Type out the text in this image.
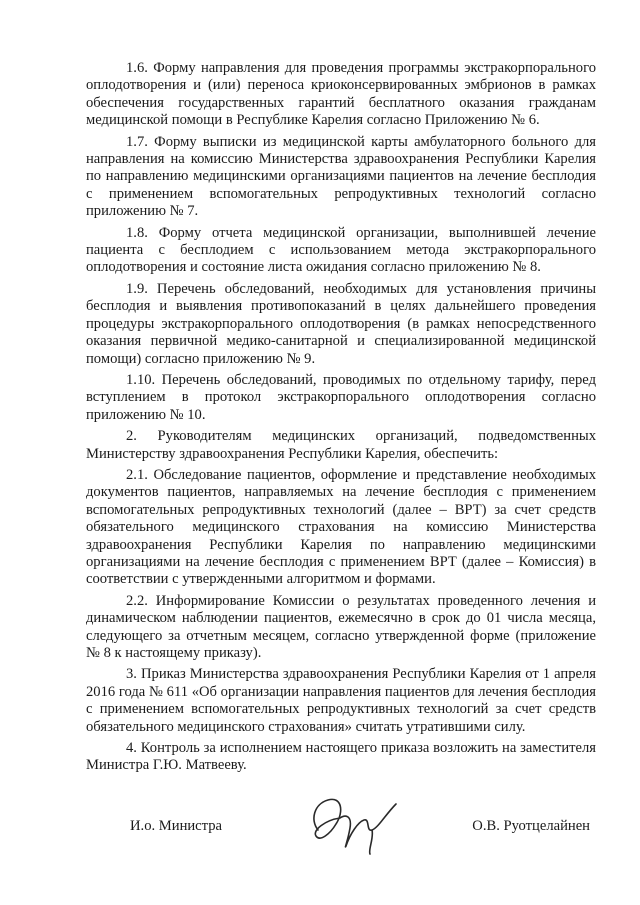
1.6. Форму направления для проведения программы экстракорпорального оплодотворения и (или) переноса криоконсервированных эмбрионов в рамках обеспечения государственных гарантий бесплатного оказания гражданам медицинской помощи в Республике Карелия согласно Приложению № 6.

1.7. Форму выписки из медицинской карты амбулаторного больного для направления на комиссию Министерства здравоохранения Республики Карелия по направлению медицинскими организациями пациентов на лечение бесплодия с применением вспомогательных репродуктивных технологий согласно приложению № 7.

1.8. Форму отчета медицинской организации, выполнившей лечение пациента с бесплодием с использованием метода экстракорпорального оплодотворения и состояние листа ожидания согласно приложению № 8.

1.9. Перечень обследований, необходимых для установления причины бесплодия и выявления противопоказаний в целях дальнейшего проведения процедуры экстракорпорального оплодотворения (в рамках непосредственного оказания первичной медико-санитарной и специализированной медицинской помощи) согласно приложению № 9.

1.10. Перечень обследований, проводимых по отдельному тарифу, перед вступлением в протокол экстракорпорального оплодотворения согласно приложению № 10.

2. Руководителям медицинских организаций, подведомственных Министерству здравоохранения Республики Карелия, обеспечить:

2.1. Обследование пациентов, оформление и представление необходимых документов пациентов, направляемых на лечение бесплодия с применением вспомогательных репродуктивных технологий (далее – ВРТ) за счет средств обязательного медицинского страхования на комиссию Министерства здравоохранения Республики Карелия по направлению медицинскими организациями на лечение бесплодия с применением ВРТ (далее – Комиссия) в соответствии с утвержденными алгоритмом и формами.

2.2. Информирование Комиссии о результатах проведенного лечения и динамическом наблюдении пациентов, ежемесячно в срок до 01 числа месяца, следующего за отчетным месяцем, согласно утвержденной форме (приложение № 8 к настоящему приказу).

3. Приказ Министерства здравоохранения Республики Карелия от 1 апреля 2016 года № 611 «Об организации направления пациентов для лечения бесплодия с применением вспомогательных репродуктивных технологий за счет средств обязательного медицинского страхования» считать утратившими силу.

4. Контроль за исполнением настоящего приказа возложить на заместителя Министра Г.Ю. Матвееву.

И.о. Министра	О.В. Руотцелайнен
